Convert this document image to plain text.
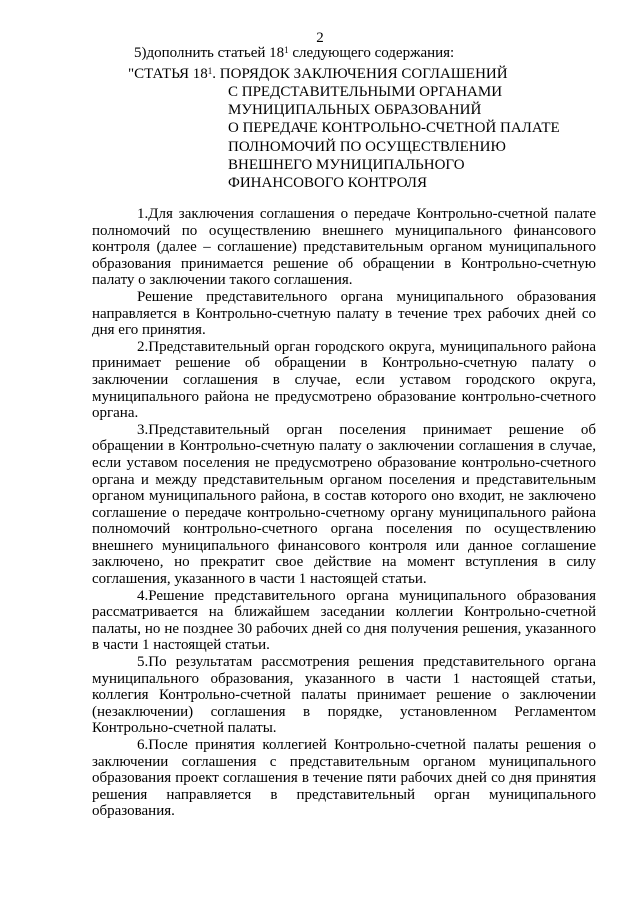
2
5)дополнить статьей $18^1$ следующего содержания:
"СТАТЬЯ $18^1$. ПОРЯДОК ЗАКЛЮЧЕНИЯ СОГЛАШЕНИЙ
С ПРЕДСТАВИТЕЛЬНЫМИ ОРГАНАМИ
МУНИЦИПАЛЬНЫХ ОБРАЗОВАНИЙ
О ПЕРЕДАЧЕ КОНТРОЛЬНО-СЧЕТНОЙ ПАЛАТЕ
ПОЛНОМОЧИЙ ПО ОСУЩЕСТВЛЕНИЮ
ВНЕШНЕГО МУНИЦИПАЛЬНОГО
ФИНАНСОВОГО КОНТРОЛЯ

1.Для заключения соглашения о передаче Контрольно-счетной палате полномочий по осуществлению внешнего муниципального финансового контроля (далее – соглашение) представительным органом муниципального образования принимается решение об обращении в Контрольно-счетную палату о заключении такого соглашения.

Решение представительного органа муниципального образования направляется в Контрольно-счетную палату в течение трех рабочих дней со дня его принятия.

2.Представительный орган городского округа, муниципального района принимает решение об обращении в Контрольно-счетную палату о заключении соглашения в случае, если уставом городского округа, муниципального района не предусмотрено образование контрольно-счетного органа.

3.Представительный орган поселения принимает решение об обращении в Контрольно-счетную палату о заключении соглашения в случае, если уставом поселения не предусмотрено образование контрольно-счетного органа и между представительным органом поселения и представительным органом муниципального района, в состав которого оно входит, не заключено соглашение о передаче контрольно-счетному органу муниципального района полномочий контрольно-счетного органа поселения по осуществлению внешнего муниципального финансового контроля или данное соглашение заключено, но прекратит свое действие на момент вступления в силу соглашения, указанного в части 1 настоящей статьи.

4.Решение представительного органа муниципального образования рассматривается на ближайшем заседании коллегии Контрольно-счетной палаты, но не позднее 30 рабочих дней со дня получения решения, указанного в части 1 настоящей статьи.

5.По результатам рассмотрения решения представительного органа муниципального образования, указанного в части 1 настоящей статьи, коллегия Контрольно-счетной палаты принимает решение о заключении (незаключении) соглашения в порядке, установленном Регламентом Контрольно-счетной палаты.

6.После принятия коллегией Контрольно-счетной палаты решения о заключении соглашения с представительным органом муниципального образования проект соглашения в течение пяти рабочих дней со дня принятия решения направляется в представительный орган муниципального образования.
